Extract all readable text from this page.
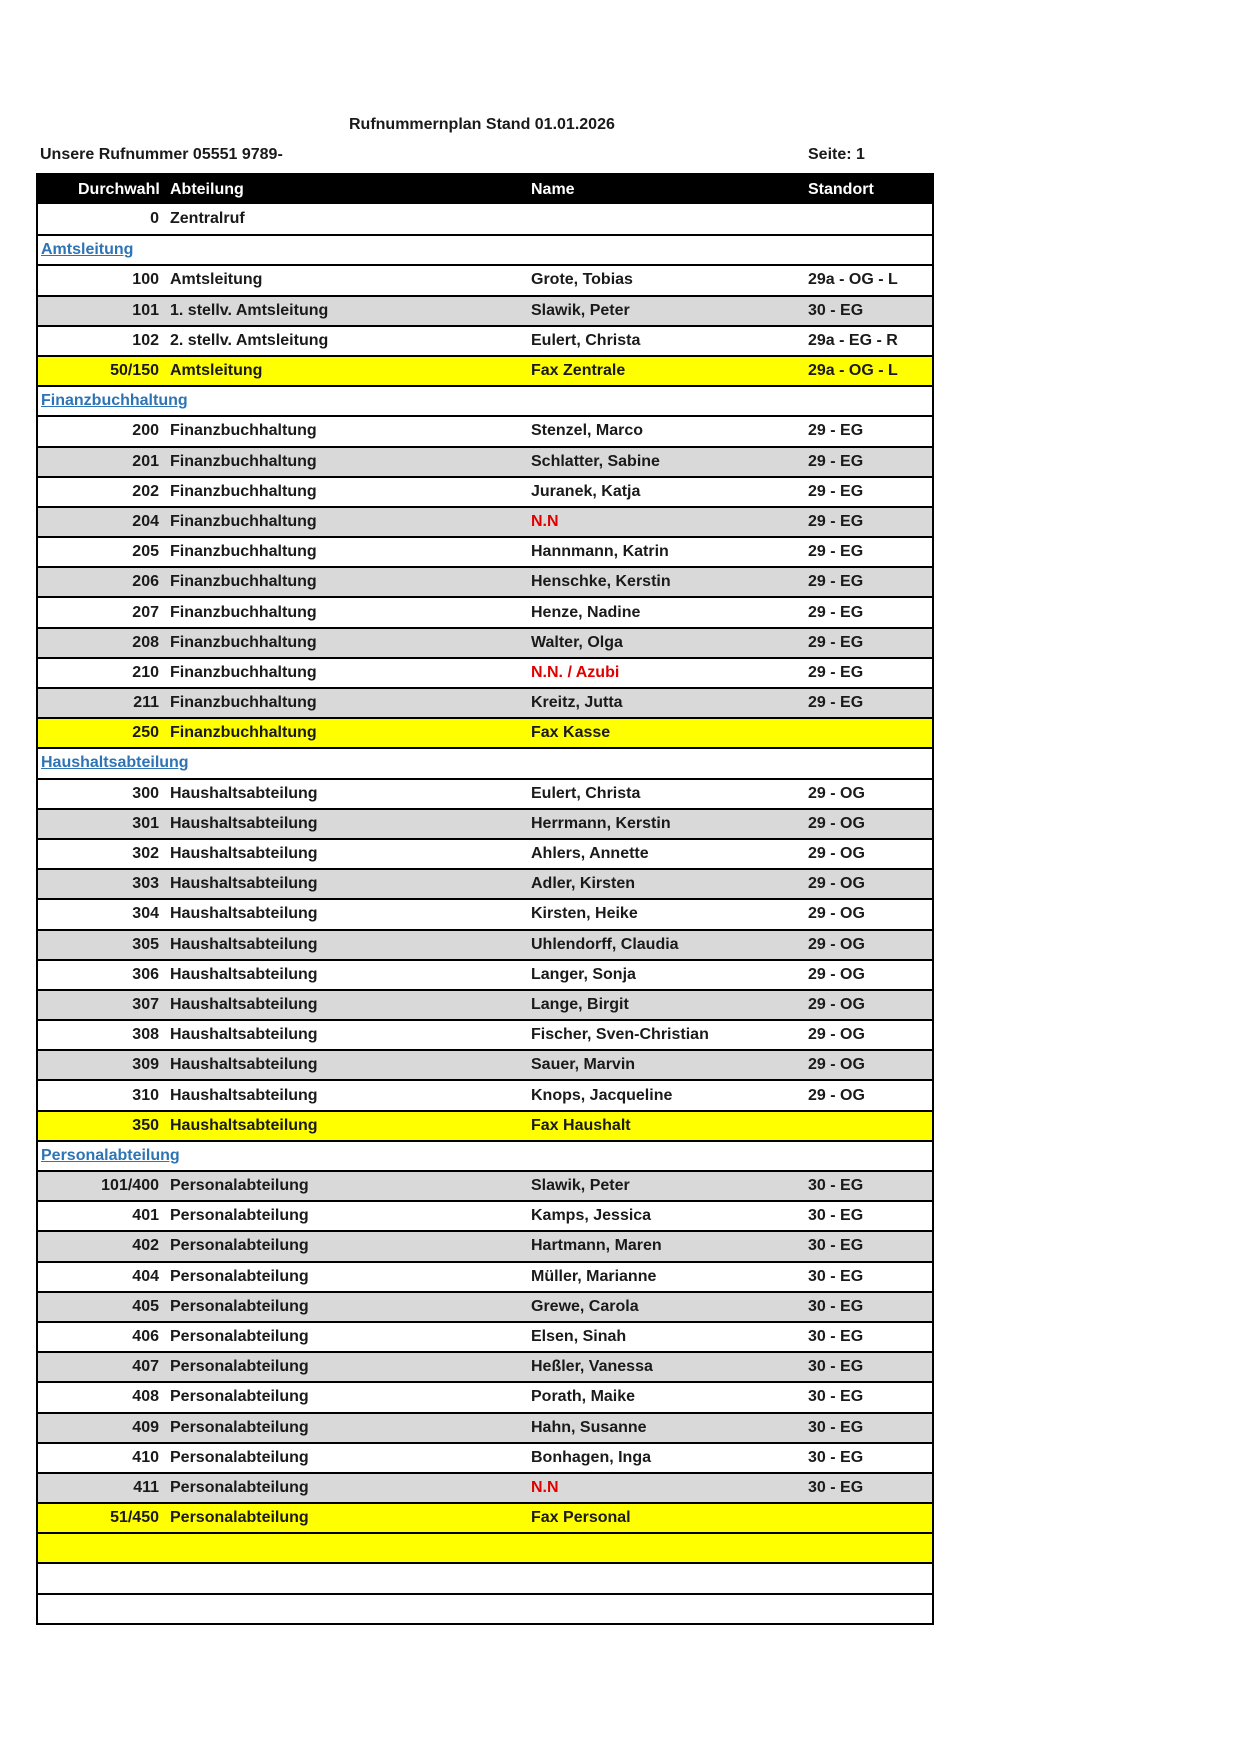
Rufnummernplan Stand 01.01.2026
Unsere Rufnummer 05551 9789-	Seite: 1
Durchwahl Abteilung	Name	Standort
0 Zentralruf
Amtsleitung
100 Amtsleitung	Grote, Tobias	29a - OG - L
101 1. stellv. Amtsleitung	Slawik, Peter	30 - EG
102 2. stellv. Amtsleitung	Eulert, Christa	29a - EG - R
50/150 Amtsleitung	Fax Zentrale	29a - OG - L
Finanzbuchhaltung
200 Finanzbuchhaltung	Stenzel, Marco	29 - EG
201 Finanzbuchhaltung	Schlatter, Sabine	29 - EG
202 Finanzbuchhaltung	Juranek, Katja	29 - EG
204 Finanzbuchhaltung	N.N	29 - EG
205 Finanzbuchhaltung	Hannmann, Katrin	29 - EG
206 Finanzbuchhaltung	Henschke, Kerstin	29 - EG
207 Finanzbuchhaltung	Henze, Nadine	29 - EG
208 Finanzbuchhaltung	Walter, Olga	29 - EG
210 Finanzbuchhaltung	N.N. / Azubi	29 - EG
211 Finanzbuchhaltung	Kreitz, Jutta	29 - EG
250 Finanzbuchhaltung	Fax Kasse
Haushaltsabteilung
300 Haushaltsabteilung	Eulert, Christa	29 - OG
301 Haushaltsabteilung	Herrmann, Kerstin	29 - OG
302 Haushaltsabteilung	Ahlers, Annette	29 - OG
303 Haushaltsabteilung	Adler, Kirsten	29 - OG
304 Haushaltsabteilung	Kirsten, Heike	29 - OG
305 Haushaltsabteilung	Uhlendorff, Claudia	29 - OG
306 Haushaltsabteilung	Langer, Sonja	29 - OG
307 Haushaltsabteilung	Lange, Birgit	29 - OG
308 Haushaltsabteilung	Fischer, Sven-Christian	29 - OG
309 Haushaltsabteilung	Sauer, Marvin	29 - OG
310 Haushaltsabteilung	Knops, Jacqueline	29 - OG
350 Haushaltsabteilung	Fax Haushalt
Personalabteilung
101/400 Personalabteilung	Slawik, Peter	30 - EG
401 Personalabteilung	Kamps, Jessica	30 - EG
402 Personalabteilung	Hartmann, Maren	30 - EG
404 Personalabteilung	Müller, Marianne	30 - EG
405 Personalabteilung	Grewe, Carola	30 - EG
406 Personalabteilung	Elsen, Sinah	30 - EG
407 Personalabteilung	Heßler, Vanessa	30 - EG
408 Personalabteilung	Porath, Maike	30 - EG
409 Personalabteilung	Hahn, Susanne	30 - EG
410 Personalabteilung	Bonhagen, Inga	30 - EG
411 Personalabteilung	N.N	30 - EG
51/450 Personalabteilung	Fax Personal
